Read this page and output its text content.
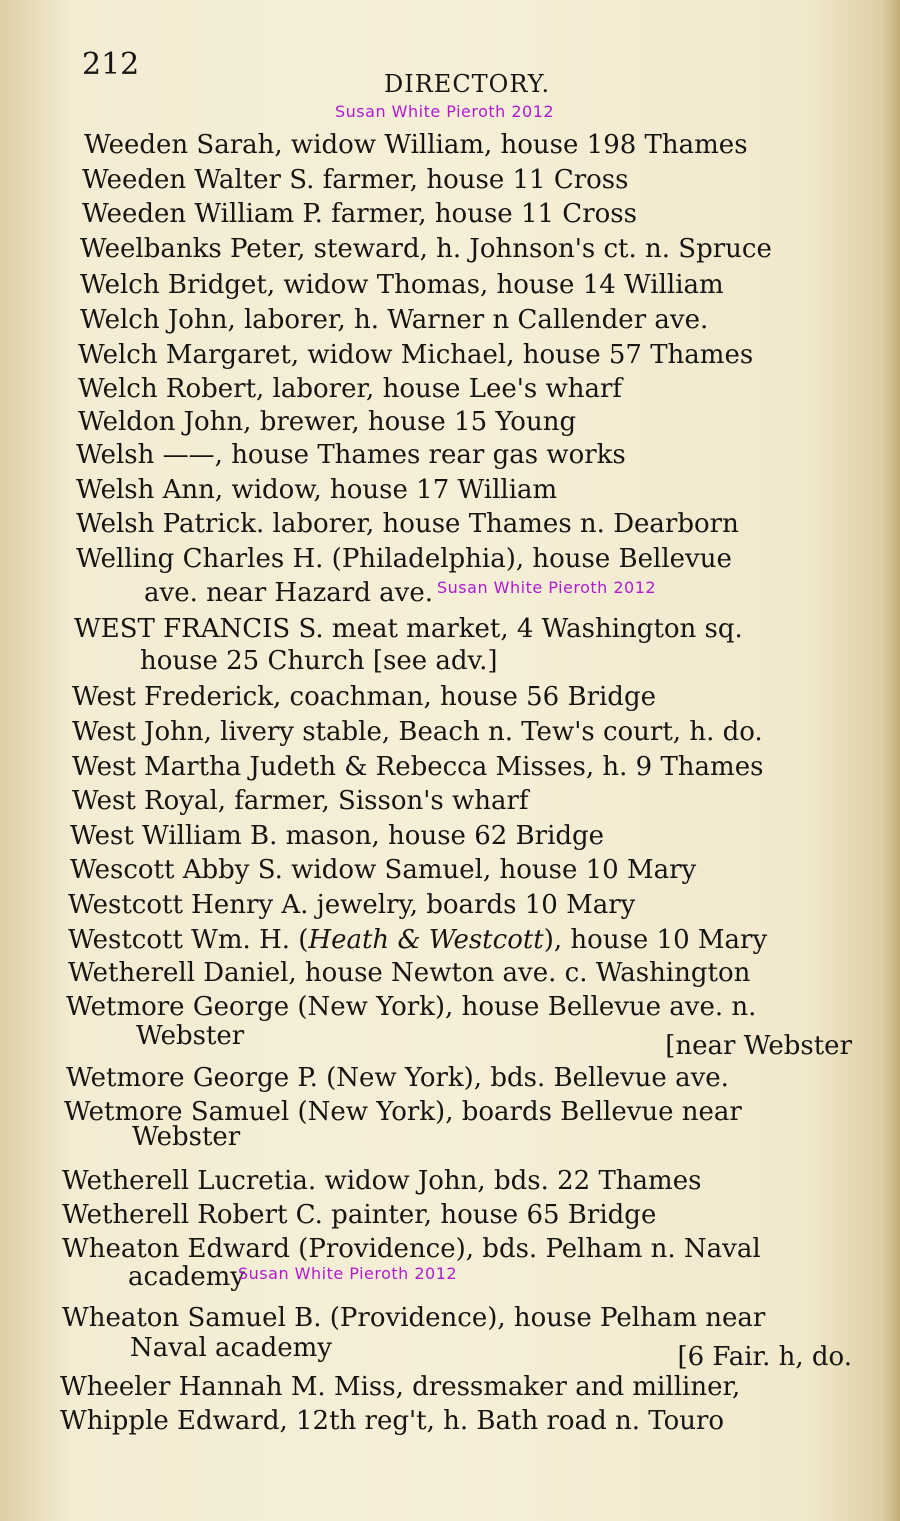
212
DIRECTORY.
Susan White Pieroth 2012
Weeden Sarah, widow William, house 198 Thames
Weeden Walter S. farmer, house 11 Cross
Weeden William P. farmer, house 11 Cross
Weelbanks Peter, steward, h. Johnson's ct. n. Spruce
Welch Bridget, widow Thomas, house 14 William
Welch John, laborer, h. Warner n Callender ave.
Welch Margaret, widow Michael, house 57 Thames
Welch Robert, laborer, house Lee's wharf
Weldon John, brewer, house 15 Young
Welsh ——, house Thames rear gas works
Welsh Ann, widow, house 17 William
Welsh Patrick. laborer, house Thames n. Dearborn
Welling Charles H. (Philadelphia), house Bellevue
ave. near Hazard ave. Susan White Pieroth 2012
WEST FRANCIS S. meat market, 4 Washington sq.
house 25 Church [see adv.]
West Frederick, coachman, house 56 Bridge
West John, livery stable, Beach n. Tew's court, h. do.
West Martha Judeth & Rebecca Misses, h. 9 Thames
West Royal, farmer, Sisson's wharf
West William B. mason, house 62 Bridge
Wescott Abby S. widow Samuel, house 10 Mary
Westcott Henry A. jewelry, boards 10 Mary
Westcott Wm. H. (Heath & Westcott), house 10 Mary
Wetherell Daniel, house Newton ave. c. Washington
Wetmore George (New York), house Bellevue ave. n.
Webster	[near Webster
Wetmore George P. (New York), bds. Bellevue ave.
Wetmore Samuel (New York), boards Bellevue near
Webster
Wetherell Lucretia. widow John, bds. 22 Thames
Wetherell Robert C. painter, house 65 Bridge
Wheaton Edward (Providence), bds. Pelham n. Naval
academy
Susan White Pieroth 2012
Wheaton Samuel B. (Providence), house Pelham near
Naval academy	[6 Fair. h, do.
Wheeler Hannah M. Miss, dressmaker and milliner,
Whipple Edward, 12th reg't, h. Bath road n. Touro
